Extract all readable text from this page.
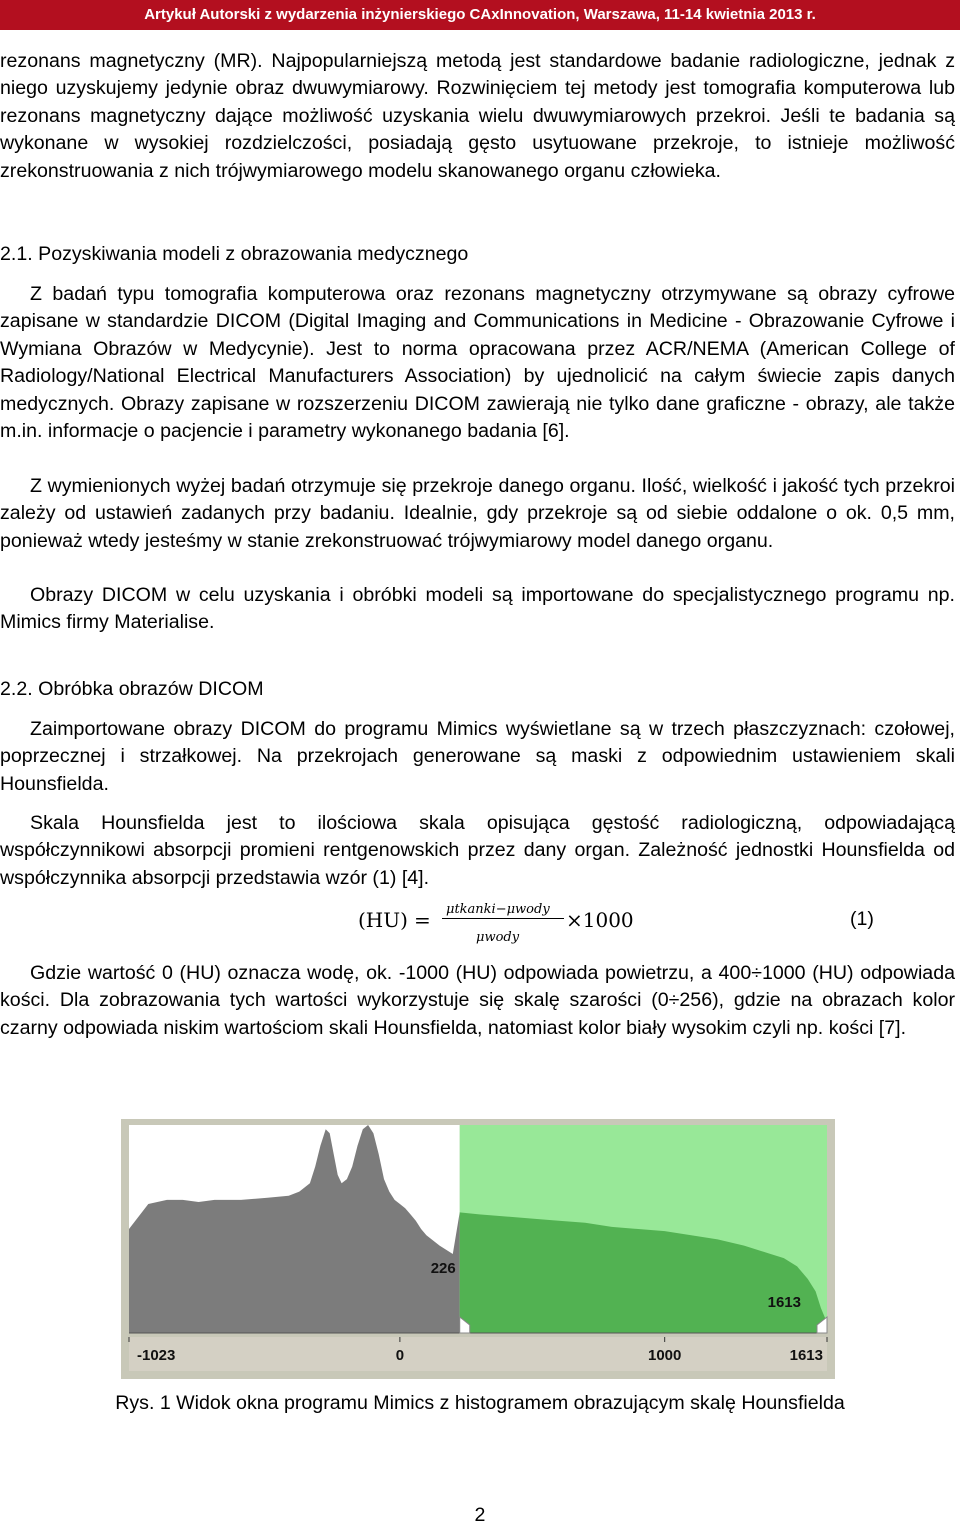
Artykuł Autorski z wydarzenia inżynierskiego CAxInnovation, Warszawa, 11-14 kwietnia 2013 r.
rezonans magnetyczny (MR). Najpopularniejszą metodą jest standardowe badanie radiologiczne, jednak z niego uzyskujemy jedynie obraz dwuwymiarowy. Rozwinięciem tej metody jest tomografia komputerowa lub rezonans magnetyczny dające możliwość uzyskania wielu dwuwymiarowych przekroi. Jeśli te badania są wykonane w wysokiej rozdzielczości, posiadają gęsto usytuowane przekroje, to istnieje możliwość zrekonstruowania z nich trójwymiarowego modelu skanowanego organu człowieka.
2.1. Pozyskiwania modeli z obrazowania medycznego
Z badań typu tomografia komputerowa oraz rezonans magnetyczny otrzymywane są obrazy cyfrowe zapisane w standardzie DICOM (Digital Imaging and Communications in Medicine - Obrazowanie Cyfrowe i Wymiana Obrazów w Medycynie). Jest to norma opracowana przez ACR/NEMA (American College of Radiology/National Electrical Manufacturers Association) by ujednolicić na całym świecie zapis danych medycznych. Obrazy zapisane w rozszerzeniu DICOM zawierają nie tylko dane graficzne - obrazy, ale także m.in. informacje o pacjencie i parametry wykonanego badania [6].
Z wymienionych wyżej badań otrzymuje się przekroje danego organu. Ilość, wielkość i jakość tych przekroi zależy od ustawień zadanych przy badaniu. Idealnie, gdy przekroje są od siebie oddalone o ok. 0,5 mm, ponieważ wtedy jesteśmy w stanie zrekonstruować trójwymiarowy model danego organu.
Obrazy DICOM w celu uzyskania i obróbki modeli są importowane do specjalistycznego programu np. Mimics firmy Materialise.
2.2. Obróbka obrazów DICOM
Zaimportowane obrazy DICOM do programu Mimics wyświetlane są w trzech płaszczyznach: czołowej, poprzecznej i strzałkowej. Na przekrojach generowane są maski z odpowiednim ustawieniem skali Hounsfielda.
Skala Hounsfielda jest to ilościowa skala opisująca gęstość radiologiczną, odpowiadającą współczynnikowi absorpcji promieni rentgenowskich przez dany organ. Zależność jednostki Hounsfielda od współczynnika absorpcji przedstawia wzór (1) [4].
(HU) = μtkanki−μwody
μwody
×1000	(1)
Gdzie wartość 0 (HU) oznacza wodę, ok. -1000 (HU) odpowiada powietrzu, a 400÷1000 (HU) odpowiada kości. Dla zobrazowania tych wartości wykorzystuje się skalę szarości (0÷256), gdzie na obrazach kolor czarny odpowiada niskim wartościom skali Hounsfielda, natomiast kolor biały wysokim czyli np. kości [7].
226
1613
-1023	0	1000	1613
Rys. 1 Widok okna programu Mimics z histogramem obrazującym skalę Hounsfielda
2
